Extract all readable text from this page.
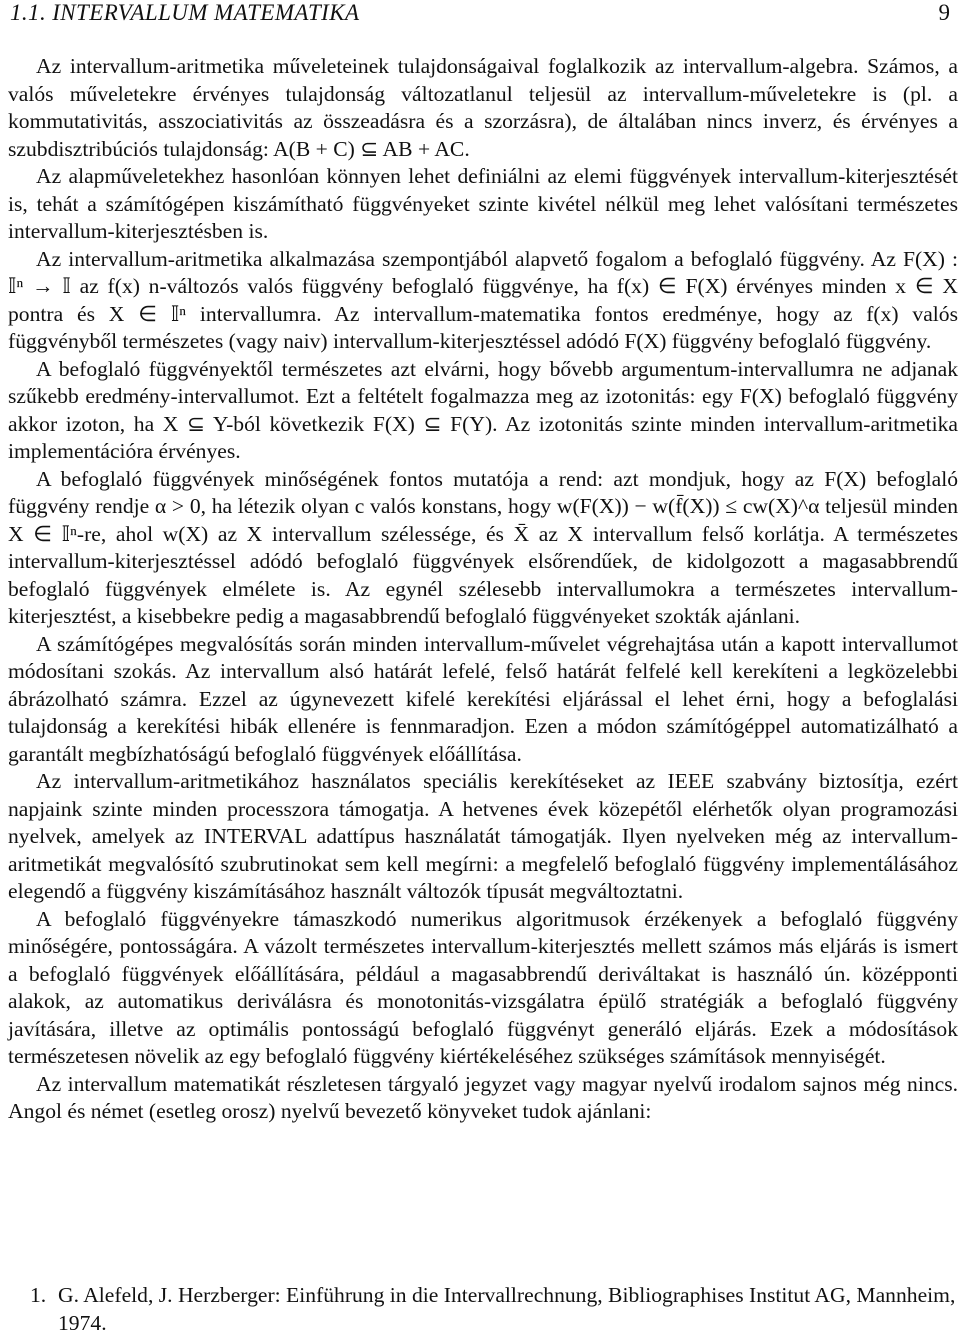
1.1. INTERVALLUM MATEMATIKA	9

Az intervallum-aritmetika műveleteinek tulajdonságaival foglalkozik az intervallum-algebra. Számos, a valós műveletekre érvényes tulajdonság változatlanul teljesül az intervallum-műveletekre is (pl. a kommutativitás, asszociativitás az összeadásra és a szorzásra), de általában nincs inverz, és érvényes a szubdisztribúciós tulajdonság: A(B + C) ⊆ AB + AC.

Az alapműveletekhez hasonlóan könnyen lehet definiálni az elemi függvények intervallum-kiterjesztését is, tehát a számítógépen kiszámítható függvényeket szinte kivétel nélkül meg lehet valósítani természetes intervallum-kiterjesztésben is.

Az intervallum-aritmetika alkalmazása szempontjából alapvető fogalom a befoglaló függvény. Az F(X) : 𝕀ⁿ → 𝕀 az f(x) n-változós valós függvény befoglaló függvénye, ha f(x) ∈ F(X) érvényes minden x ∈ X pontra és X ∈ 𝕀ⁿ intervallumra. Az intervallum-matematika fontos eredménye, hogy az f(x) valós függvényből természetes (vagy naiv) intervallum-kiterjesztéssel adódó F(X) függvény befoglaló függvény.

A befoglaló függvényektől természetes azt elvárni, hogy bővebb argumentum-intervallumra ne adjanak szűkebb eredmény-intervallumot. Ezt a feltételt fogalmazza meg az izotonitás: egy F(X) befoglaló függvény akkor izoton, ha X ⊆ Y-ból következik F(X) ⊆ F(Y). Az izotonitás szinte minden intervallum-aritmetika implementációra érvényes.

A befoglaló függvények minőségének fontos mutatója a rend: azt mondjuk, hogy az F(X) befoglaló függvény rendje α > 0, ha létezik olyan c valós konstans, hogy w(F(X)) − w(f̄(X)) ≤ cw(X)^α teljesül minden X ∈ 𝕀ⁿ-re, ahol w(X) az X intervallum szélessége, és X̄ az X intervallum felső korlátja. A természetes intervallum-kiterjesztéssel adódó befoglaló függvények elsőrendűek, de kidolgozott a magasabbrendű befoglaló függvények elmélete is. Az egynél szélesebb intervallumokra a természetes intervallum-kiterjesztést, a kisebbekre pedig a magasabbrendű befoglaló függvényeket szokták ajánlani.

A számítógépes megvalósítás során minden intervallum-művelet végrehajtása után a kapott intervallumot módosítani szokás. Az intervallum alsó határát lefelé, felső határát felfelé kell kerekíteni a legközelebbi ábrázolható számra. Ezzel az úgynevezett kifelé kerekítési eljárással el lehet érni, hogy a befoglalási tulajdonság a kerekítési hibák ellenére is fennmaradjon. Ezen a módon számítógéppel automatizálható a garantált megbízhatóságú befoglaló függvények előállítása.

Az intervallum-aritmetikához használatos speciális kerekítéseket az IEEE szabvány biztosítja, ezért napjaink szinte minden processzora támogatja. A hetvenes évek közepétől elérhetők olyan programozási nyelvek, amelyek az INTERVAL adattípus használatát támogatják. Ilyen nyelveken még az intervallum-aritmetikát megvalósító szubrutinokat sem kell megírni: a megfelelő befoglaló függvény implementálásához elegendő a függvény kiszámításához használt változók típusát megváltoztatni.

A befoglaló függvényekre támaszkodó numerikus algoritmusok érzékenyek a befoglaló függvény minőségére, pontosságára. A vázolt természetes intervallum-kiterjesztés mellett számos más eljárás is ismert a befoglaló függvények előállítására, például a magasabbrendű deriváltakat is használó ún. középponti alakok, az automatikus deriválásra és monotonitás-vizsgálatra épülő stratégiák a befoglaló függvény javítására, illetve az optimális pontosságú befoglaló függvényt generáló eljárás. Ezek a módosítások természetesen növelik az egy befoglaló függvény kiértékeléséhez szükséges számítások mennyiségét.

Az intervallum matematikát részletesen tárgyaló jegyzet vagy magyar nyelvű irodalom sajnos még nincs. Angol és német (esetleg orosz) nyelvű bevezető könyveket tudok ajánlani:

1. G. Alefeld, J. Herzberger: Einführung in die Intervallrechnung, Bibliographises Institut AG, Mannheim, 1974.
